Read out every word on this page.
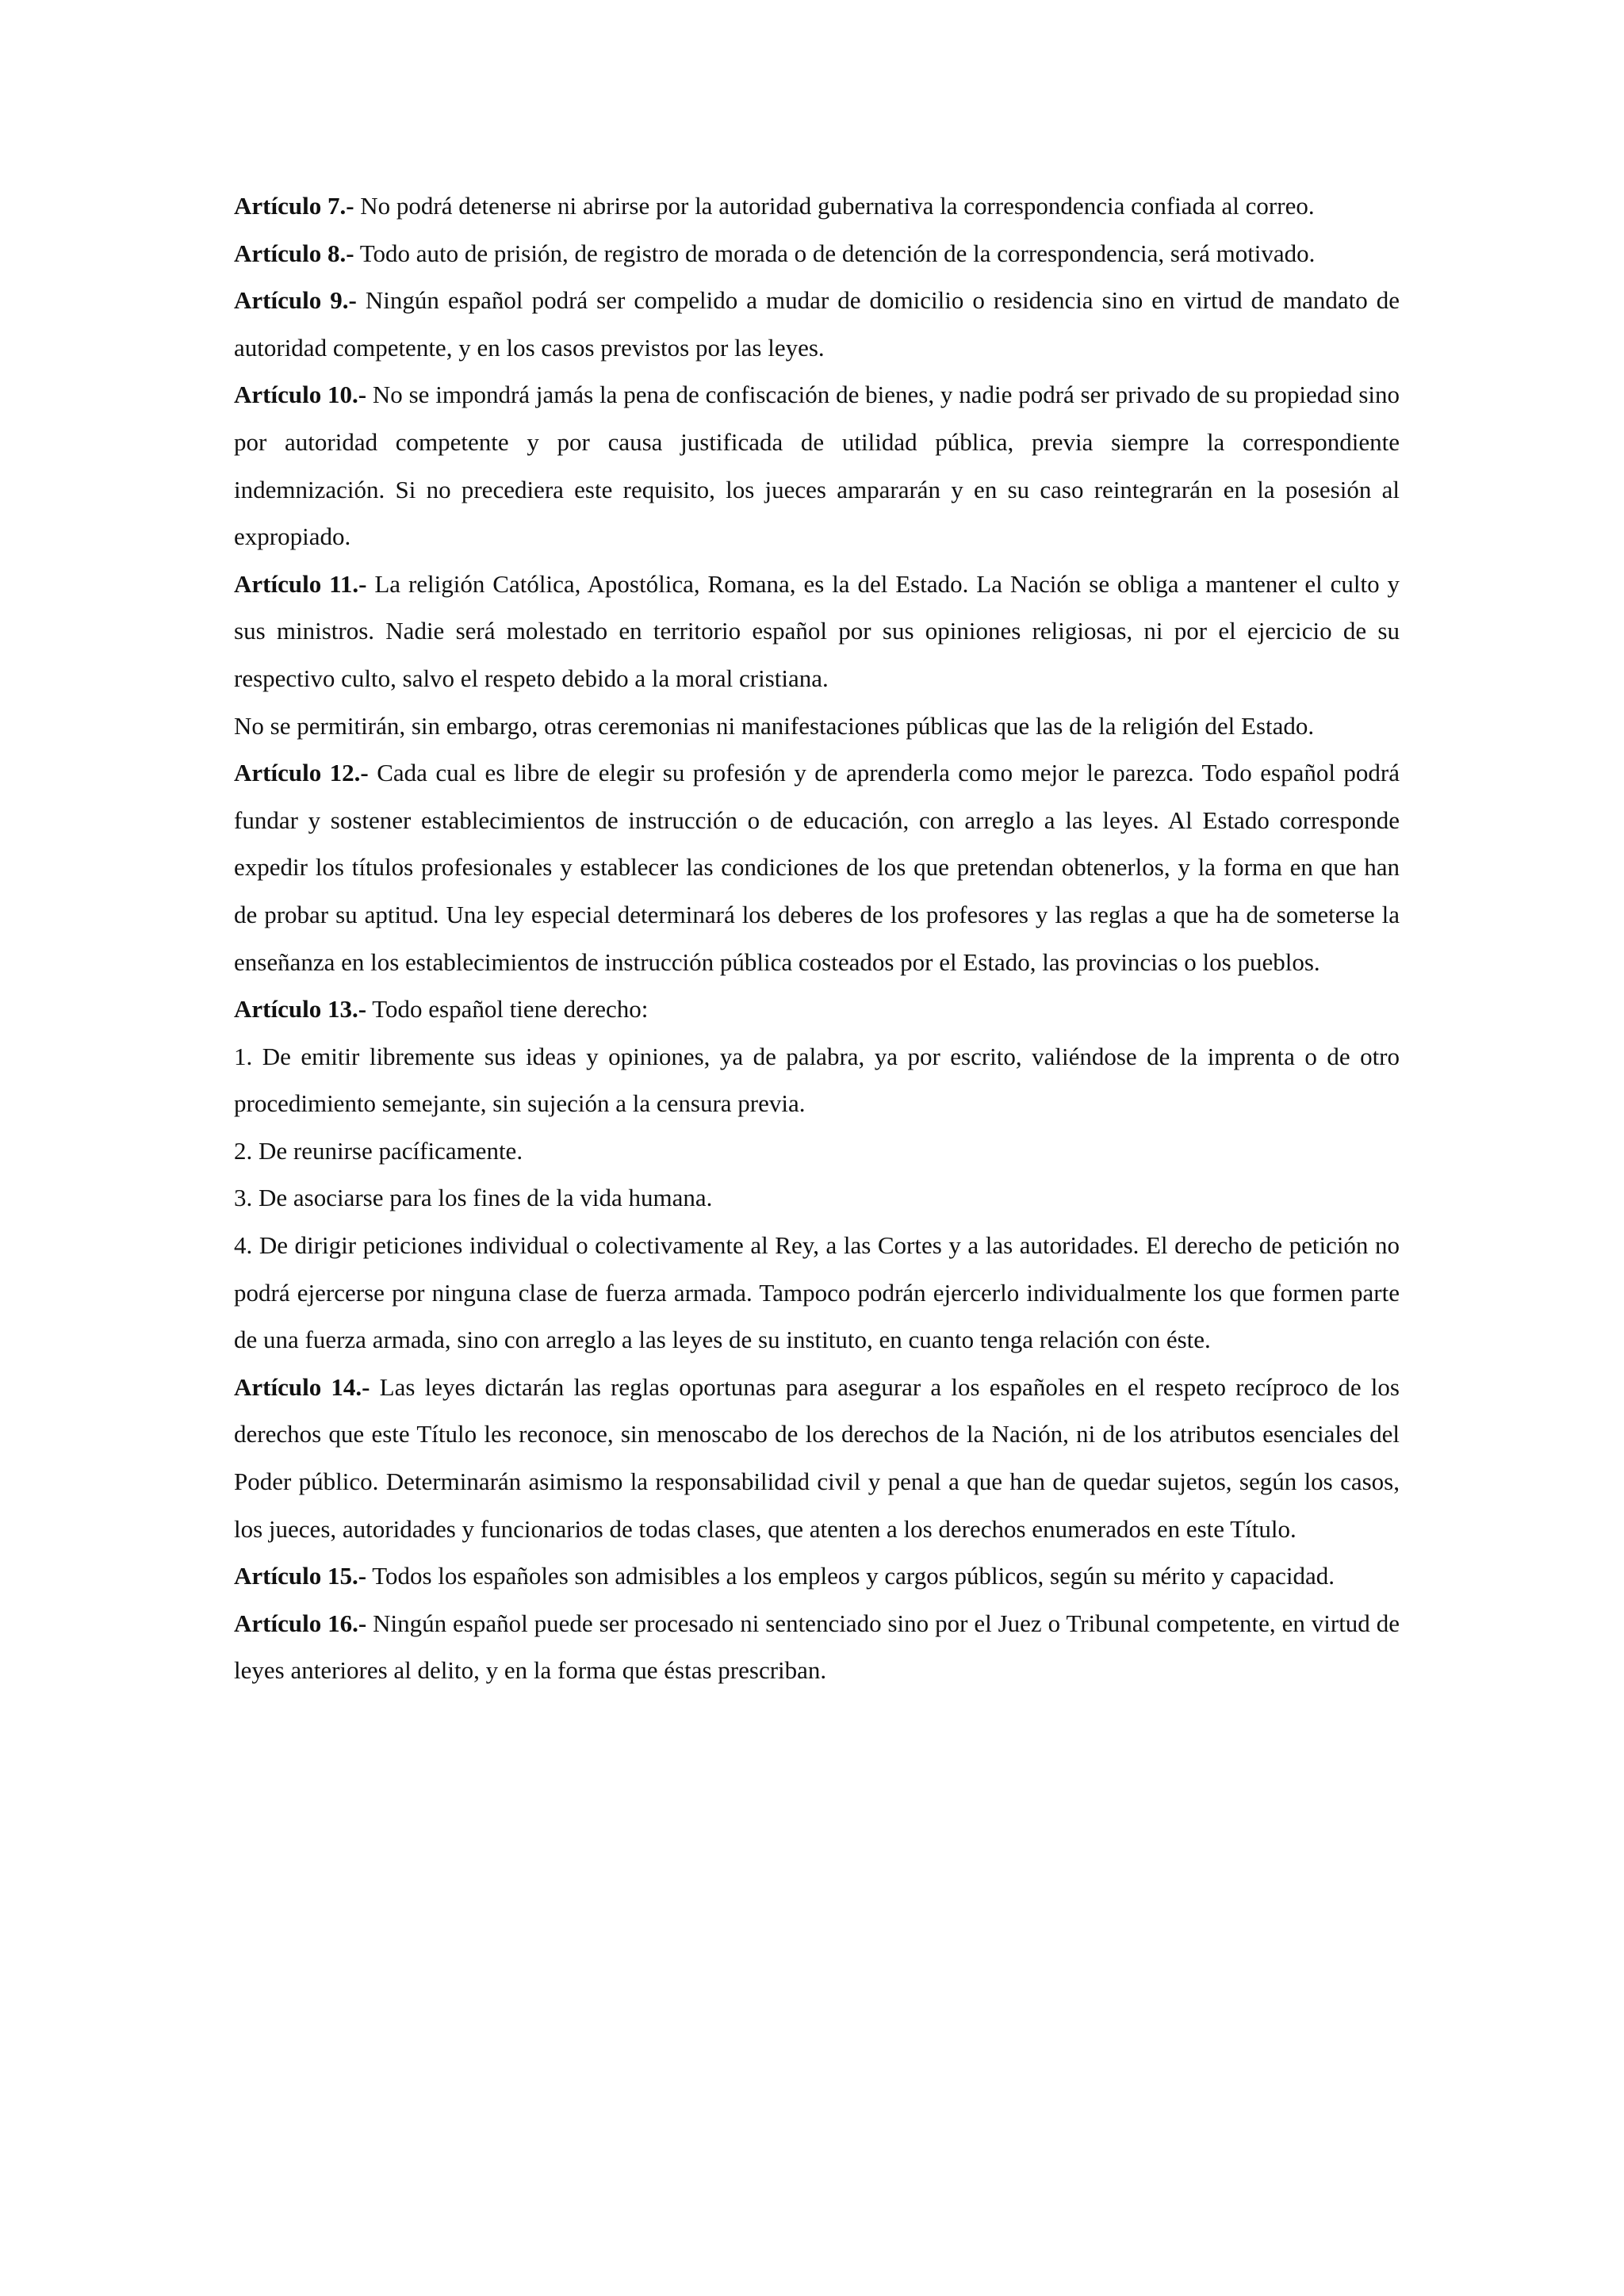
Artículo 7.- No podrá detenerse ni abrirse por la autoridad gubernativa la correspondencia confiada al correo.

Artículo 8.- Todo auto de prisión, de registro de morada o de detención de la correspondencia, será motivado.

Artículo 9.- Ningún español podrá ser compelido a mudar de domicilio o residencia sino en virtud de mandato de autoridad competente, y en los casos previstos por las leyes.

Artículo 10.- No se impondrá jamás la pena de confiscación de bienes, y nadie podrá ser privado de su propiedad sino por autoridad competente y por causa justificada de utilidad pública, previa siempre la correspondiente indemnización. Si no precediera este requisito, los jueces ampararán y en su caso reintegrarán en la posesión al expropiado.

Artículo 11.- La religión Católica, Apostólica, Romana, es la del Estado. La Nación se obliga a mantener el culto y sus ministros. Nadie será molestado en territorio español por sus opiniones religiosas, ni por el ejercicio de su respectivo culto, salvo el respeto debido a la moral cristiana.

No se permitirán, sin embargo, otras ceremonias ni manifestaciones públicas que las de la religión del Estado.

Artículo 12.- Cada cual es libre de elegir su profesión y de aprenderla como mejor le parezca. Todo español podrá fundar y sostener establecimientos de instrucción o de educación, con arreglo a las leyes. Al Estado corresponde expedir los títulos profesionales y establecer las condiciones de los que pretendan obtenerlos, y la forma en que han de probar su aptitud. Una ley especial determinará los deberes de los profesores y las reglas a que ha de someterse la enseñanza en los establecimientos de instrucción pública costeados por el Estado, las provincias o los pueblos.

Artículo 13.- Todo español tiene derecho:

1. De emitir libremente sus ideas y opiniones, ya de palabra, ya por escrito, valiéndose de la imprenta o de otro procedimiento semejante, sin sujeción a la censura previa.

2. De reunirse pacíficamente.

3. De asociarse para los fines de la vida humana.

4. De dirigir peticiones individual o colectivamente al Rey, a las Cortes y a las autoridades. El derecho de petición no podrá ejercerse por ninguna clase de fuerza armada. Tampoco podrán ejercerlo individualmente los que formen parte de una fuerza armada, sino con arreglo a las leyes de su instituto, en cuanto tenga relación con éste.

Artículo 14.- Las leyes dictarán las reglas oportunas para asegurar a los españoles en el respeto recíproco de los derechos que este Título les reconoce, sin menoscabo de los derechos de la Nación, ni de los atributos esenciales del Poder público. Determinarán asimismo la responsabilidad civil y penal a que han de quedar sujetos, según los casos, los jueces, autoridades y funcionarios de todas clases, que atenten a los derechos enumerados en este Título.

Artículo 15.- Todos los españoles son admisibles a los empleos y cargos públicos, según su mérito y capacidad.

Artículo 16.- Ningún español puede ser procesado ni sentenciado sino por el Juez o Tribunal competente, en virtud de leyes anteriores al delito, y en la forma que éstas prescriban.
